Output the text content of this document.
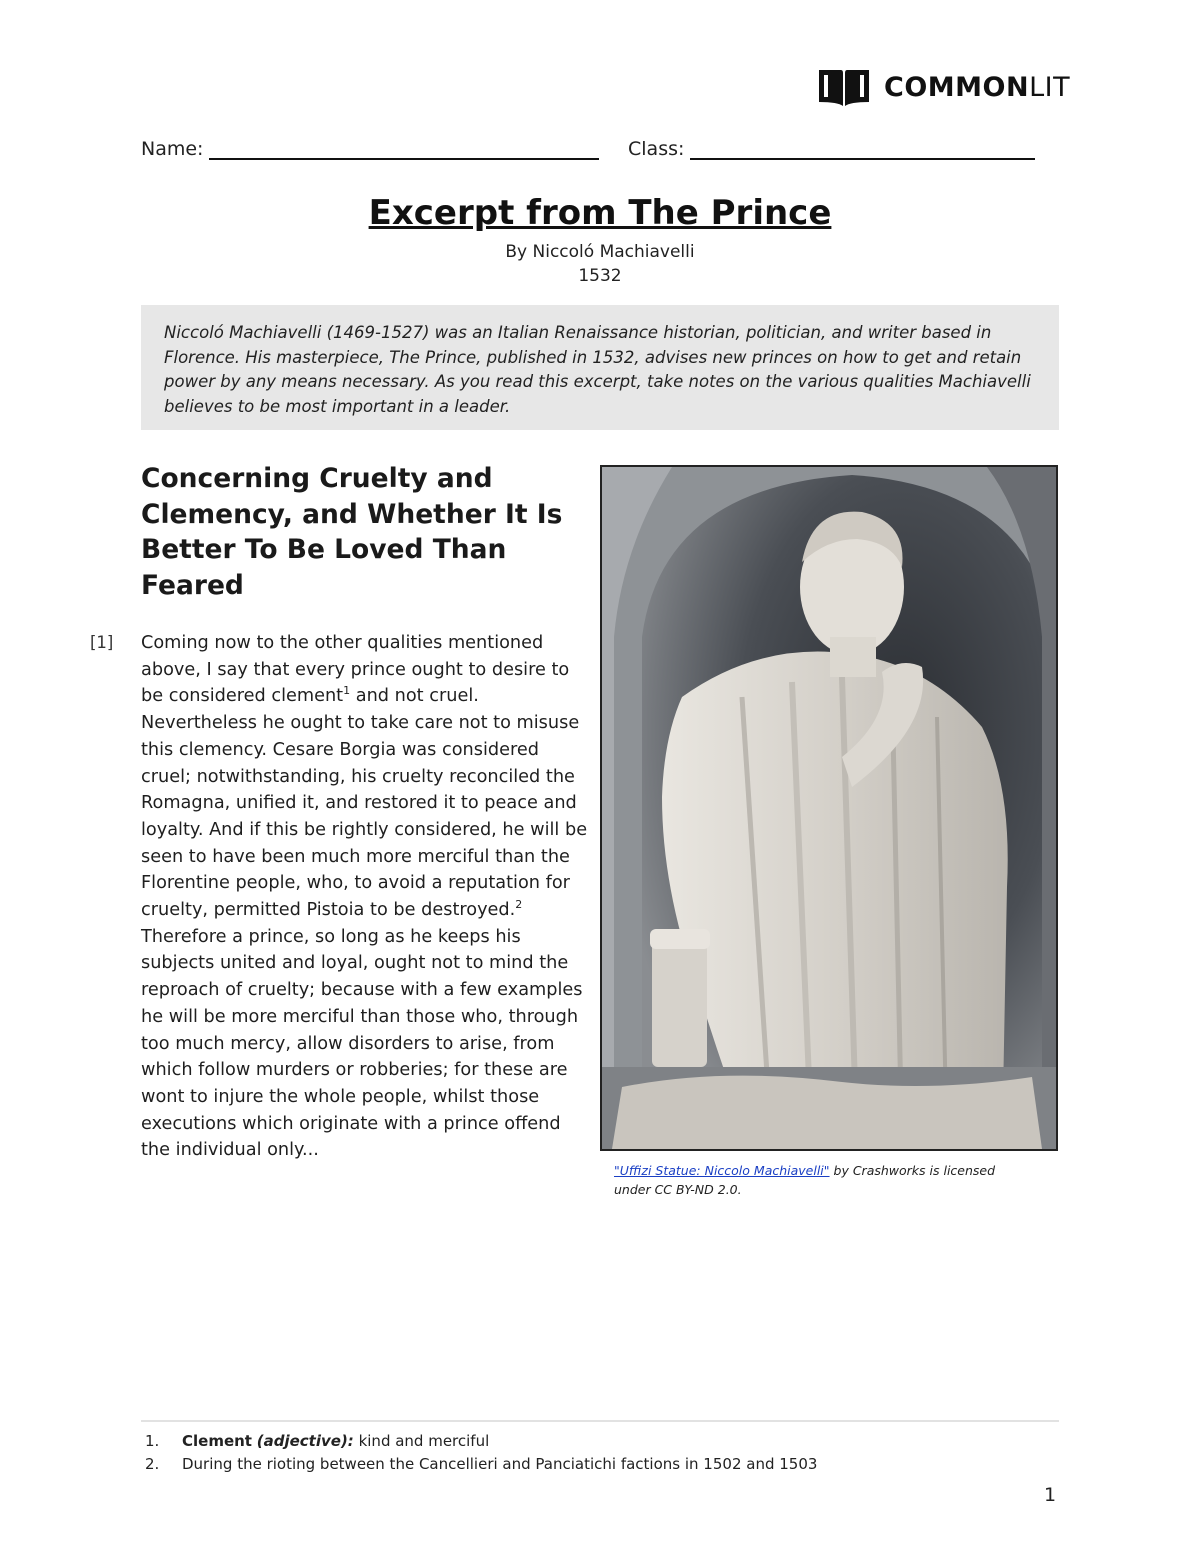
COMMONLIT
Name:	Class:
Excerpt from The Prince
By Niccoló Machiavelli
1532
Niccoló Machiavelli (1469-1527) was an Italian Renaissance historian, politician, and writer based in Florence. His masterpiece, The Prince, published in 1532, advises new princes on how to get and retain power by any means necessary. As you read this excerpt, take notes on the various qualities Machiavelli believes to be most important in a leader.
Concerning Cruelty and Clemency, and Whether It Is Better To Be Loved Than Feared
[1] Coming now to the other qualities mentioned above, I say that every prince ought to desire to be considered clement$^1$ and not cruel. Nevertheless he ought to take care not to misuse this clemency. Cesare Borgia was considered cruel; notwithstanding, his cruelty reconciled the Romagna, unified it, and restored it to peace and loyalty. And if this be rightly considered, he will be seen to have been much more merciful than the Florentine people, who, to avoid a reputation for cruelty, permitted Pistoia to be destroyed.$^2$ Therefore a prince, so long as he keeps his subjects united and loyal, ought not to mind the reproach of cruelty; because with a few examples he will be more merciful than those who, through too much mercy, allow disorders to arise, from which follow murders or robberies; for these are wont to injure the whole people, whilst those executions which originate with a prince offend the individual only...
"Uffizi Statue: Niccolo Machiavelli" by Crashworks is licensed under CC BY-ND 2.0.
1.	Clement (adjective): kind and merciful
2.	During the rioting between the Cancellieri and Panciatichi factions in 1502 and 1503
1
